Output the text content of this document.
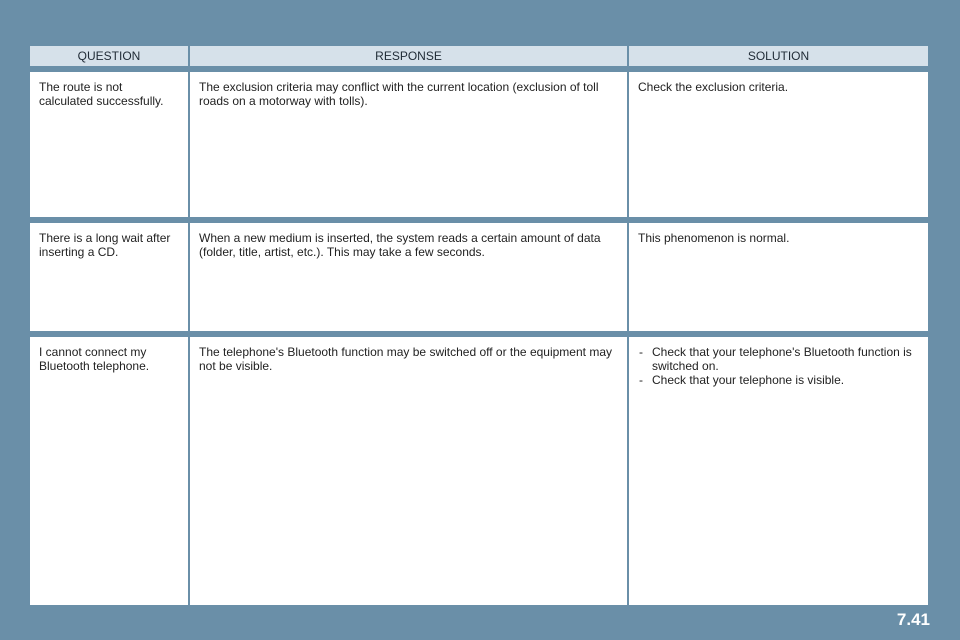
QUESTION	RESPONSE	SOLUTION
The route is not calculated successfully.
The exclusion criteria may conflict with the current location (exclusion of toll roads on a motorway with tolls).
Check the exclusion criteria.
There is a long wait after inserting a CD.
When a new medium is inserted, the system reads a certain amount of data (folder, title, artist, etc.). This may take a few seconds.
This phenomenon is normal.
I cannot connect my Bluetooth telephone.
The telephone's Bluetooth function may be switched off or the equipment may not be visible.
- Check that your telephone's Bluetooth function is switched on.
- Check that your telephone is visible.
7.41
